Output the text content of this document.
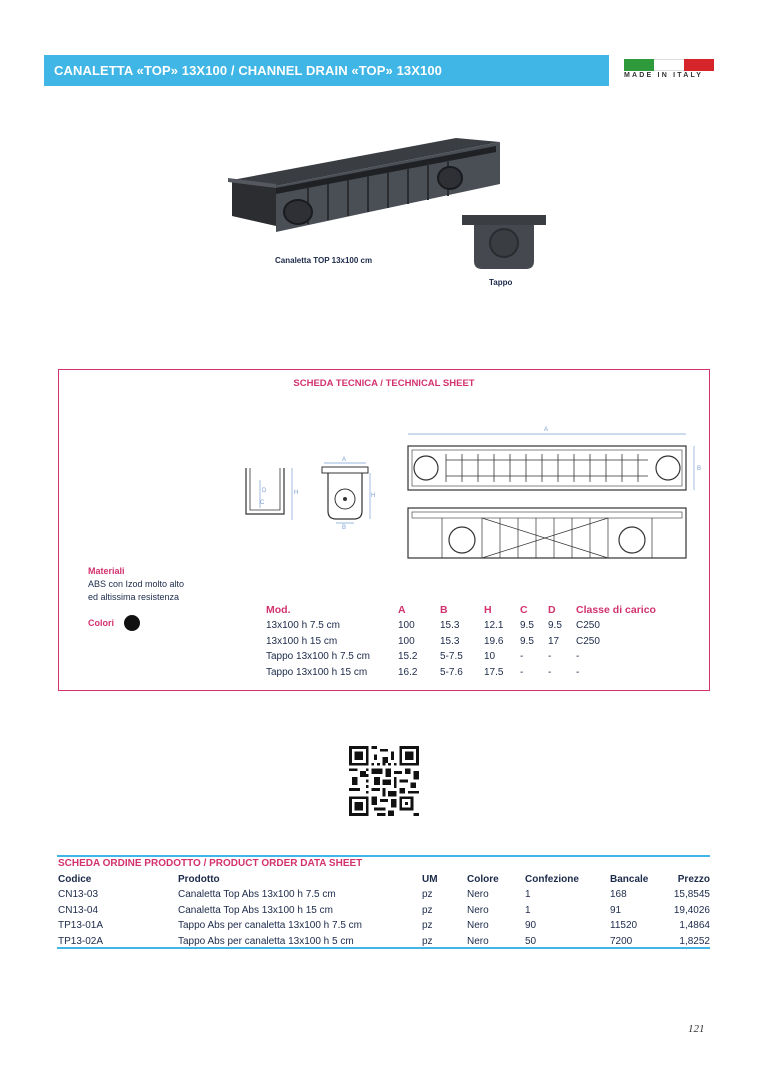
CANALETTA «TOP» 13X100 / CHANNEL DRAIN «TOP» 13X100	MADE IN ITALY
Canaletta TOP 13x100 cm
Tappo
SCHEDA TECNICA / TECHNICAL SHEET
H
D
C
A
H
B
A
B
Materiali
ABS con Izod molto alto
ed altissima resistenza
Colori
Mod.	A	B	H	C	D	Classe di carico
13x100 h 7.5 cm	100	15.3	12.1	9.5	9.5	C250
13x100 h 15 cm	100	15.3	19.6	9.5	17	C250
Tappo 13x100 h 7.5 cm	15.2	5-7.5	10	-	-	-
Tappo 13x100 h 15 cm	16.2	5-7.6	17.5	-	-	-
SCHEDA ORDINE PRODOTTO / PRODUCT ORDER DATA SHEET
Codice	Prodotto	UM	Colore	Confezione	Bancale	Prezzo
CN13-03	Canaletta Top Abs 13x100 h 7.5 cm	pz	Nero	1	168	15,8545
CN13-04	Canaletta Top Abs 13x100 h 15 cm	pz	Nero	1	91	19,4026
TP13-01A	Tappo Abs per canaletta 13x100 h 7.5 cm	pz	Nero	90	11520	1,4864
TP13-02A	Tappo Abs per canaletta 13x100 h 5 cm	pz	Nero	50	7200	1,8252
121
